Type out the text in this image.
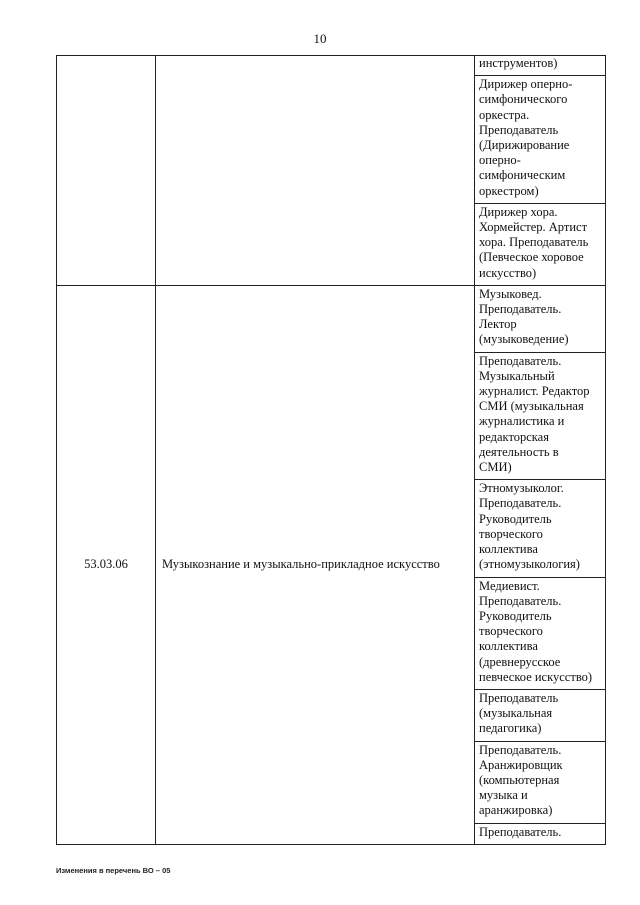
10
инструментов)
Дирижер оперно-
симфонического
оркестра.
Преподаватель
(Дирижирование
оперно-
симфоническим
оркестром)
Дирижер хора.
Хормейстер. Артист
хора. Преподаватель
(Певческое хоровое
искусство)
53.03.06	Музыкознание и музыкально-прикладное искусство
Музыковед.
Преподаватель.
Лектор
(музыковедение)
Преподаватель.
Музыкальный
журналист. Редактор
СМИ (музыкальная
журналистика и
редакторская
деятельность в
СМИ)
Этномузыколог.
Преподаватель.
Руководитель
творческого
коллектива
(этномузыкология)
Медиевист.
Преподаватель.
Руководитель
творческого
коллектива
(древнерусское
певческое искусство)
Преподаватель
(музыкальная
педагогика)
Преподаватель.
Аранжировщик
(компьютерная
музыка и
аранжировка)
Преподаватель.
Изменения в перечень ВО – 05
